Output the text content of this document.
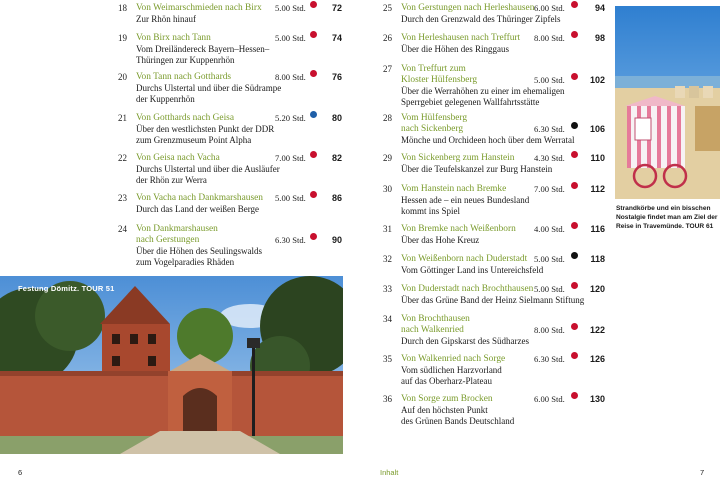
18 Von Weimarschmieden nach Birx 5.00 Std.	72
Zur Rhön hinauf
19 Von Birx nach Tann	5.00 Std.	74
Vom Dreiländereck Bayern–Hessen–
Thüringen zur Kuppenrhön
20 Von Tann nach Gotthards	8.00 Std.	76
Durchs Ulstertal und über die Südrampe
der Kuppenrhön
21 Von Gotthards nach Geisa	5.20 Std.	80
Über den westlichsten Punkt der DDR
zum Grenzmuseum Point Alpha
22 Von Geisa nach Vacha	7.00 Std.	82
Durchs Ulstertal und über die Ausläufer
der Rhön zur Werra
23 Von Vacha nach Dankmarshausen 5.00 Std.	86
Durch das Land der weißen Berge
24 Von Dankmarshausen
nach Gerstungen	6.30 Std.	90
Über die Höhen des Seulingswalds
zum Vogelparadies Rhäden
25 Von Gerstungen nach Herleshausen 6.00 Std.	94
Durch den Grenzwald des Thüringer Zipfels
26 Von Herleshausen nach Treffurt 8.00 Std.	98
Über die Höhen des Ringgaus
27 Von Treffurt zum
Kloster Hülfensberg	5.00 Std.	102
Über die Werrahöhen zu einer im ehemaligen
Sperrgebiet gelegenen Wallfahrtsstätte
28 Vom Hülfensberg
nach Sickenberg	6.30 Std.	106
Mönche und Orchideen hoch über dem Werratal
29 Von Sickenberg zum Hanstein 4.30 Std.	110
Über die Teufelskanzel zur Burg Hanstein
30 Vom Hanstein nach Bremke	7.00 Std.	112
Hessen ade – ein neues Bundesland
kommt ins Spiel
31 Von Bremke nach Weißenborn 4.00 Std.	116
Über das Hohe Kreuz
32 Von Weißenborn nach Duderstadt 5.00 Std.	118
Vom Göttinger Land ins Untereichsfeld
33 Von Duderstadt nach Brochthausen 5.00 Std.	120
Über das Grüne Band der Heinz Sielmann Stiftung
34 Von Brochthausen
nach Walkenried	8.00 Std.	122
Durch den Gipskarst des Südharzes
35 Von Walkenried nach Sorge	6.30 Std.	126
Vom südlichen Harzvorland
auf das Oberharz-Plateau
36 Von Sorge zum Brocken	6.00 Std.	130
Auf den höchsten Punkt
des Grünen Bands Deutschland
Festung Dömitz. TOUR 51
Strandkörbe und ein bisschen Nostalgie findet man am Ziel der Reise in Travemünde. TOUR 61
6	Inhalt	7
